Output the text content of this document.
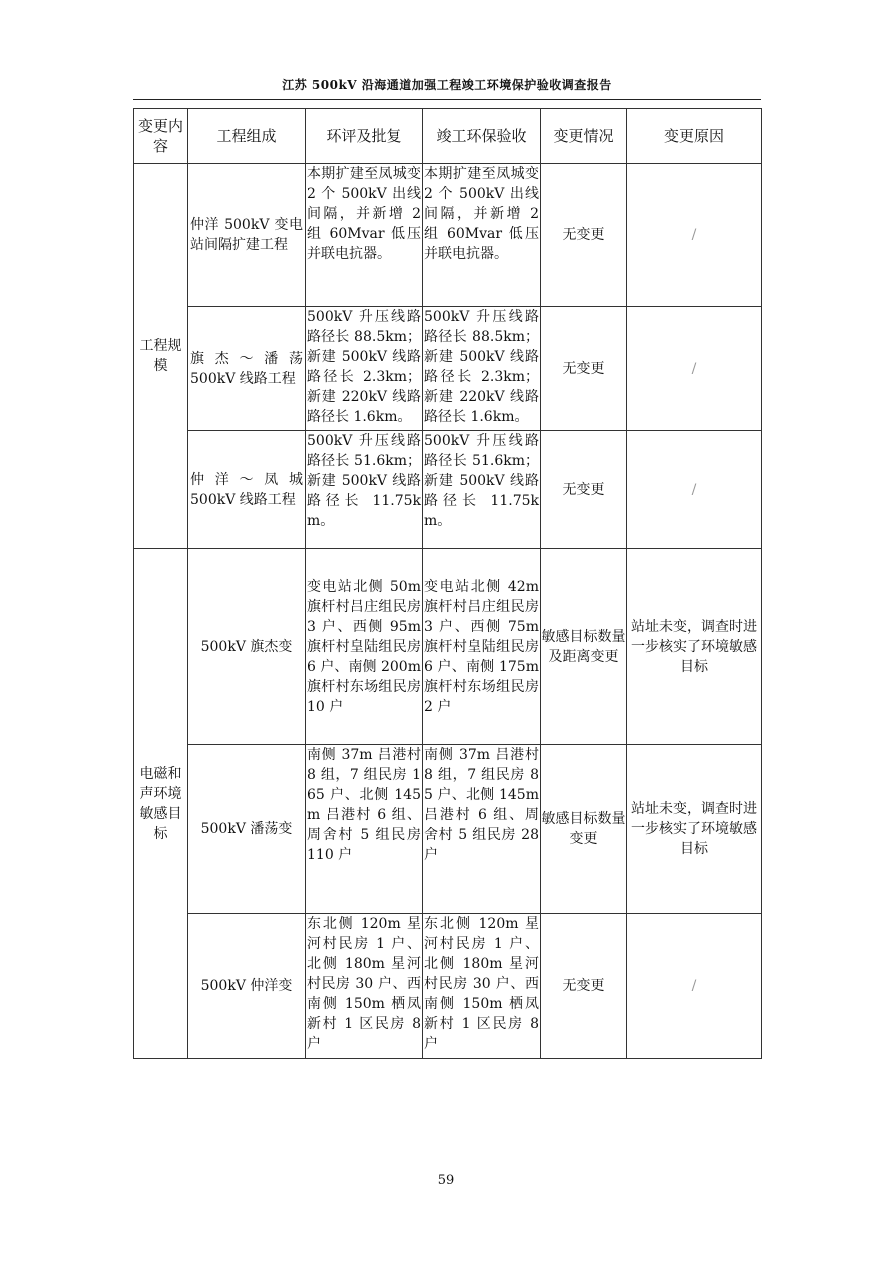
江苏 500kV 沿海通道加强工程竣工环境保护验收调查报告
变更内容	工程组成	环评及批复	竣工环保验收	变更情况	变更原因
工程规模	仲洋 500kV 变电站间隔扩建工程	本期扩建至凤城变 2 个 500kV 出线间隔，并新增 2 组 60Mvar 低压并联电抗器。	本期扩建至凤城变 2 个 500kV 出线间隔，并新增 2 组 60Mvar 低压并联电抗器。	无变更	/
	旗杰～潘荡 500kV 线路工程	500kV 升压线路路径长 88.5km；新建 500kV 线路路径长 2.3km；新建 220kV 线路路径长 1.6km。	500kV 升压线路路径长 88.5km；新建 500kV 线路路径长 2.3km；新建 220kV 线路路径长 1.6km。	无变更	/
	仲洋～凤城 500kV 线路工程	500kV 升压线路路径长 51.6km；新建 500kV 线路路径长 11.75km。	500kV 升压线路路径长 51.6km；新建 500kV 线路路径长 11.75km。	无变更	/
电磁和声环境敏感目标	500kV 旗杰变	变电站北侧 50m 旗杆村吕庄组民房 3 户、西侧 95m 旗杆村皇陆组民房 6 户、南侧 200m 旗杆村东场组民房 10 户	变电站北侧 42m 旗杆村吕庄组民房 3 户、西侧 75m 旗杆村皇陆组民房 6 户、南侧 175m 旗杆村东场组民房 2 户	敏感目标数量及距离变更	站址未变，调查时进一步核实了环境敏感目标
	500kV 潘荡变	南侧 37m 吕港村 8 组，7 组民房 165 户、北侧 145m 吕港村 6 组、周舍村 5 组民房 110 户	南侧 37m 吕港村 8 组，7 组民房 85 户、北侧 145m 吕港村 6 组、周舍村 5 组民房 28 户	敏感目标数量变更	站址未变，调查时进一步核实了环境敏感目标
	500kV 仲洋变	东北侧 120m 星河村民房 1 户、北侧 180m 星河村民房 30 户、西南侧 150m 栖凤新村 1 区民房 8 户	东北侧 120m 星河村民房 1 户、北侧 180m 星河村民房 30 户、西南侧 150m 栖凤新村 1 区民房 8 户	无变更	/
59
